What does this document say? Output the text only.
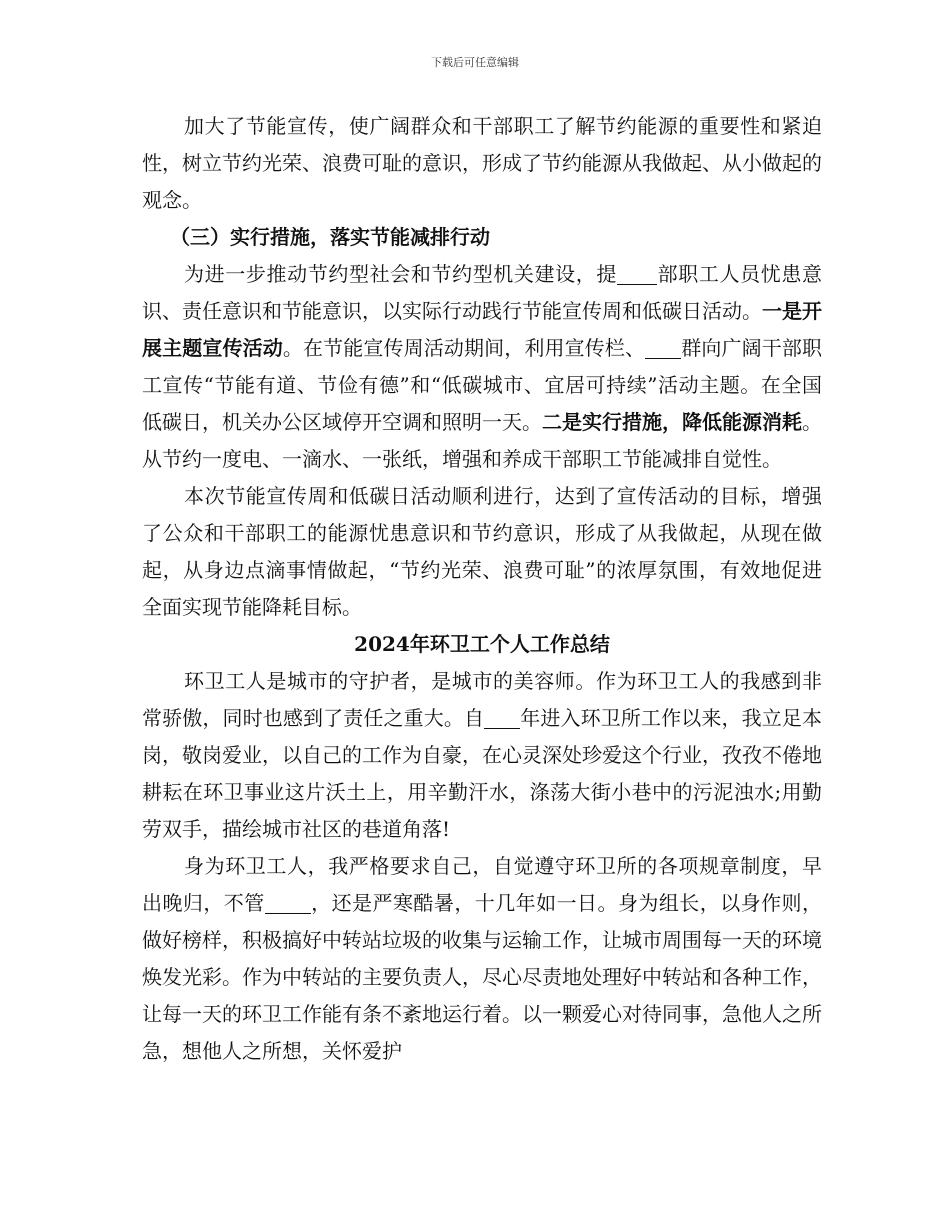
下载后可任意编辑

加大了节能宣传，使广阔群众和干部职工了解节约能源的重要性和紧迫性，树立节约光荣、浪费可耻的意识，形成了节约能源从我做起、从小做起的观念。

（三）实行措施，落实节能减排行动

为进一步推动节约型社会和节约型机关建设，提 部职工人员忧患意识、责任意识和节能意识，以实际行动践行节能宣传周和低碳日活动。一是开展主题宣传活动。在节能宣传周活动期间，利用宣传栏、 群向广阔干部职工宣传“节能有道、节俭有德”和“低碳城市、宜居可持续”活动主题。在全国低碳日，机关办公区域停开空调和照明一天。二是实行措施，降低能源消耗。从节约一度电、一滴水、一张纸，增强和养成干部职工节能减排自觉性。

本次节能宣传周和低碳日活动顺利进行，达到了宣传活动的目标，增强了公众和干部职工的能源忧患意识和节约意识，形成了从我做起，从现在做起，从身边点滴事情做起，“节约光荣、浪费可耻”的浓厚氛围，有效地促进全面实现节能降耗目标。

2024年环卫工个人工作总结

环卫工人是城市的守护者，是城市的美容师。作为环卫工人的我感到非常骄傲，同时也感到了责任之重大。自 年进入环卫所工作以来，我立足本岗，敬岗爱业，以自己的工作为自豪，在心灵深处珍爱这个行业，孜孜不倦地耕耘在环卫事业这片沃土上，用辛勤汗水，涤荡大街小巷中的污泥浊水;用勤劳双手，描绘城市社区的巷道角落!

身为环卫工人，我严格要求自己，自觉遵守环卫所的各项规章制度，早出晚归，不管 ，还是严寒酷暑，十几年如一日。身为组长，以身作则，做好榜样，积极搞好中转站垃圾的收集与运输工作，让城市周围每一天的环境焕发光彩。作为中转站的主要负责人，尽心尽责地处理好中转站和各种工作，让每一天的环卫工作能有条不紊地运行着。以一颗爱心对待同事，急他人之所急，想他人之所想，关怀爱护
